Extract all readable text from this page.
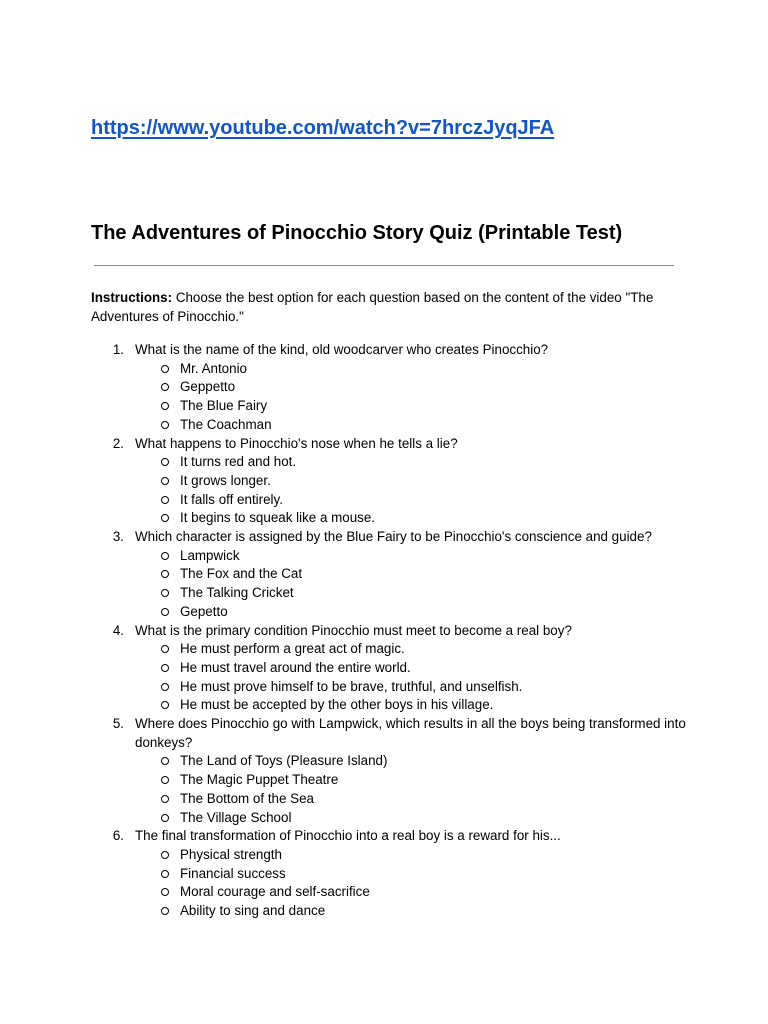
https://www.youtube.com/watch?v=7hrczJyqJFA
The Adventures of Pinocchio Story Quiz (Printable Test)

Instructions: Choose the best option for each question based on the content of the video "The Adventures of Pinocchio."

1. What is the name of the kind, old woodcarver who creates Pinocchio?
Mr. Antonio
Geppetto
The Blue Fairy
The Coachman
2. What happens to Pinocchio's nose when he tells a lie?
It turns red and hot.
It grows longer.
It falls off entirely.
It begins to squeak like a mouse.
3. Which character is assigned by the Blue Fairy to be Pinocchio's conscience and guide?
Lampwick
The Fox and the Cat
The Talking Cricket
Gepetto
4. What is the primary condition Pinocchio must meet to become a real boy?
He must perform a great act of magic.
He must travel around the entire world.
He must prove himself to be brave, truthful, and unselfish.
He must be accepted by the other boys in his village.
5. Where does Pinocchio go with Lampwick, which results in all the boys being transformed into donkeys?
The Land of Toys (Pleasure Island)
The Magic Puppet Theatre
The Bottom of the Sea
The Village School
6. The final transformation of Pinocchio into a real boy is a reward for his...
Physical strength
Financial success
Moral courage and self-sacrifice
Ability to sing and dance
